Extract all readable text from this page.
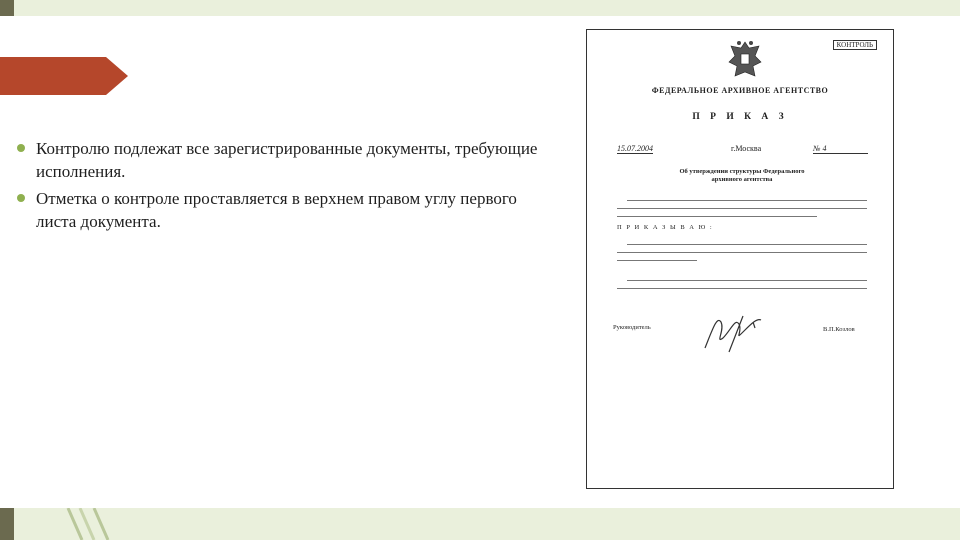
Контролю подлежат все зарегистрированные документы, требующие исполнения.
Отметка о контроле проставляется в верхнем правом углу первого листа документа.
КОНТРОЛЬ
ФЕДЕРАЛЬНОЕ АРХИВНОЕ АГЕНТСТВО
П Р И К А З
15.07.2004	г.Москва	№ 4
Об утверждении структуры Федерального архивного агентства
П Р И К А З Ы В А Ю :
Руководитель	В.П.Козлов
